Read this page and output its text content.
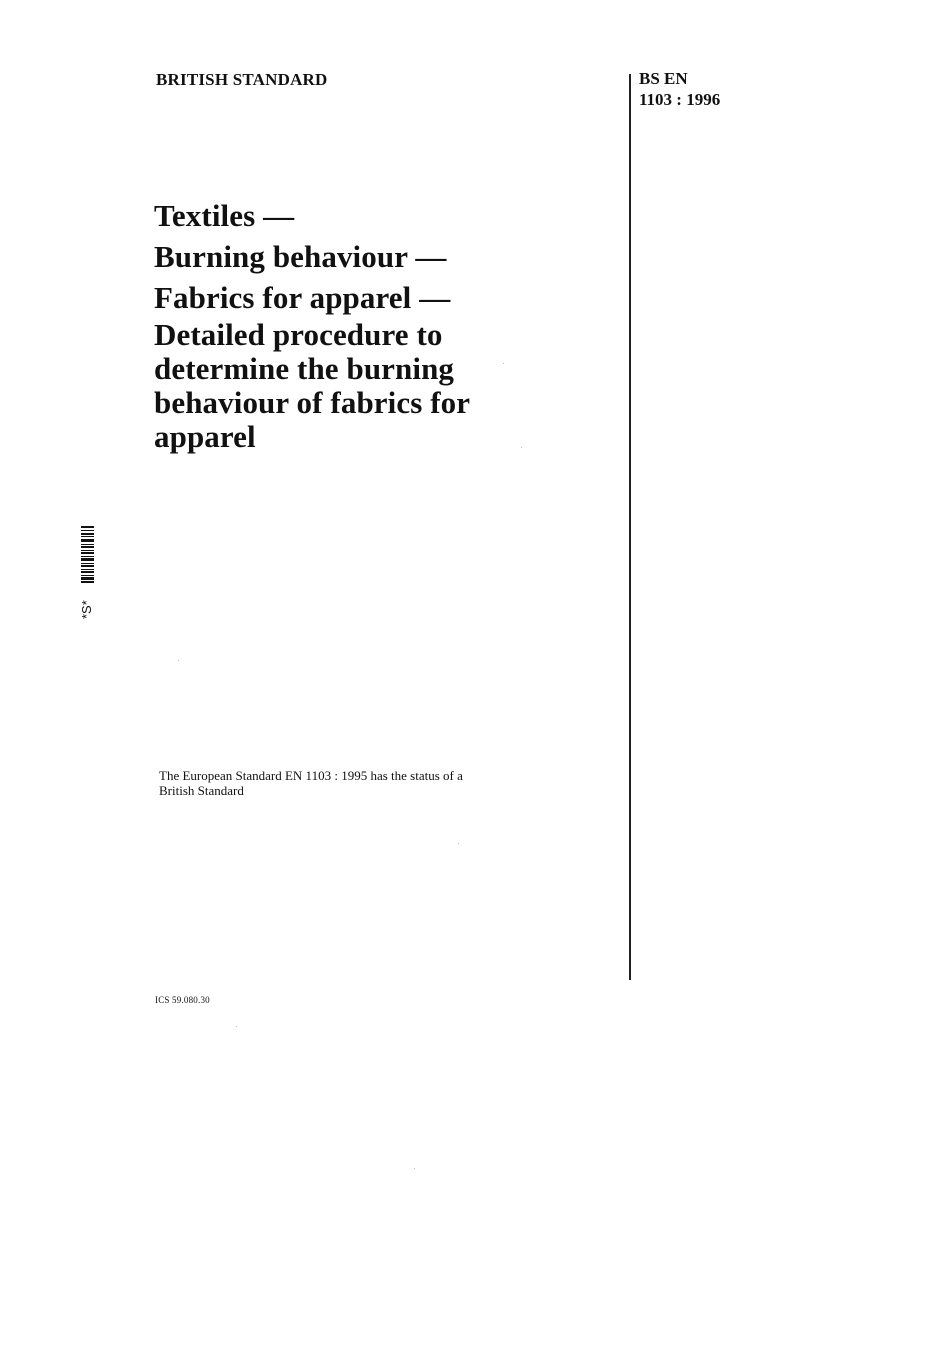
BRITISH STANDARD	BS EN
1103 : 1996
Textiles —
Burning behaviour —
Fabrics for apparel —
Detailed procedure to
determine the burning
behaviour of fabrics for
apparel
The European Standard EN 1103 : 1995 has the status of a
British Standard
ICS 59.080.30
*S*
